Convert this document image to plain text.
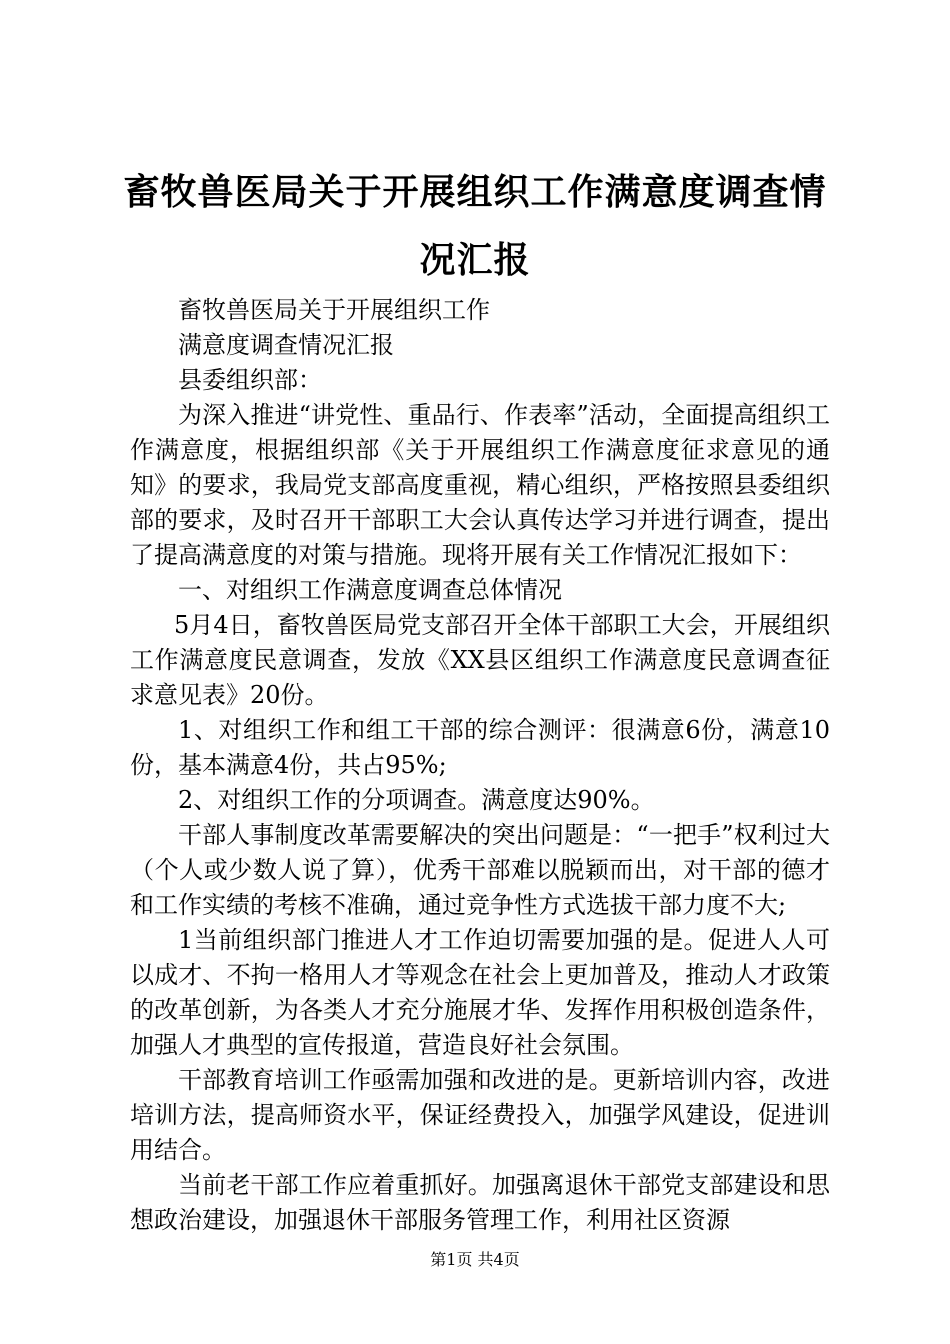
畜牧兽医局关于开展组织工作满意度调查情况汇报

畜牧兽医局关于开展组织工作

满意度调查情况汇报

县委组织部：

为深入推进“讲党性、重品行、作表率”活动，全面提高组织工作满意度，根据组织部《关于开展组织工作满意度征求意见的通知》的要求，我局党支部高度重视，精心组织，严格按照县委组织部的要求，及时召开干部职工大会认真传达学习并进行调查，提出了提高满意度的对策与措施。现将开展有关工作情况汇报如下：

一、对组织工作满意度调查总体情况

5月4日，畜牧兽医局党支部召开全体干部职工大会，开展组织工作满意度民意调查，发放《XX县区组织工作满意度民意调查征求意见表》20份。

1、对组织工作和组工干部的综合测评：很满意6份，满意10份，基本满意4份，共占95%;

2、对组织工作的分项调查。满意度达90%。

干部人事制度改革需要解决的突出问题是：“一把手”权利过大（个人或少数人说了算），优秀干部难以脱颖而出，对干部的德才和工作实绩的考核不准确，通过竞争性方式选拔干部力度不大;

1当前组织部门推进人才工作迫切需要加强的是。促进人人可以成才、不拘一格用人才等观念在社会上更加普及，推动人才政策的改革创新，为各类人才充分施展才华、发挥作用积极创造条件，加强人才典型的宣传报道，营造良好社会氛围。

干部教育培训工作亟需加强和改进的是。更新培训内容，改进培训方法，提高师资水平，保证经费投入，加强学风建设，促进训用结合。

当前老干部工作应着重抓好。加强离退休干部党支部建设和思想政治建设，加强退休干部服务管理工作，利用社区资源

第1页 共4页
